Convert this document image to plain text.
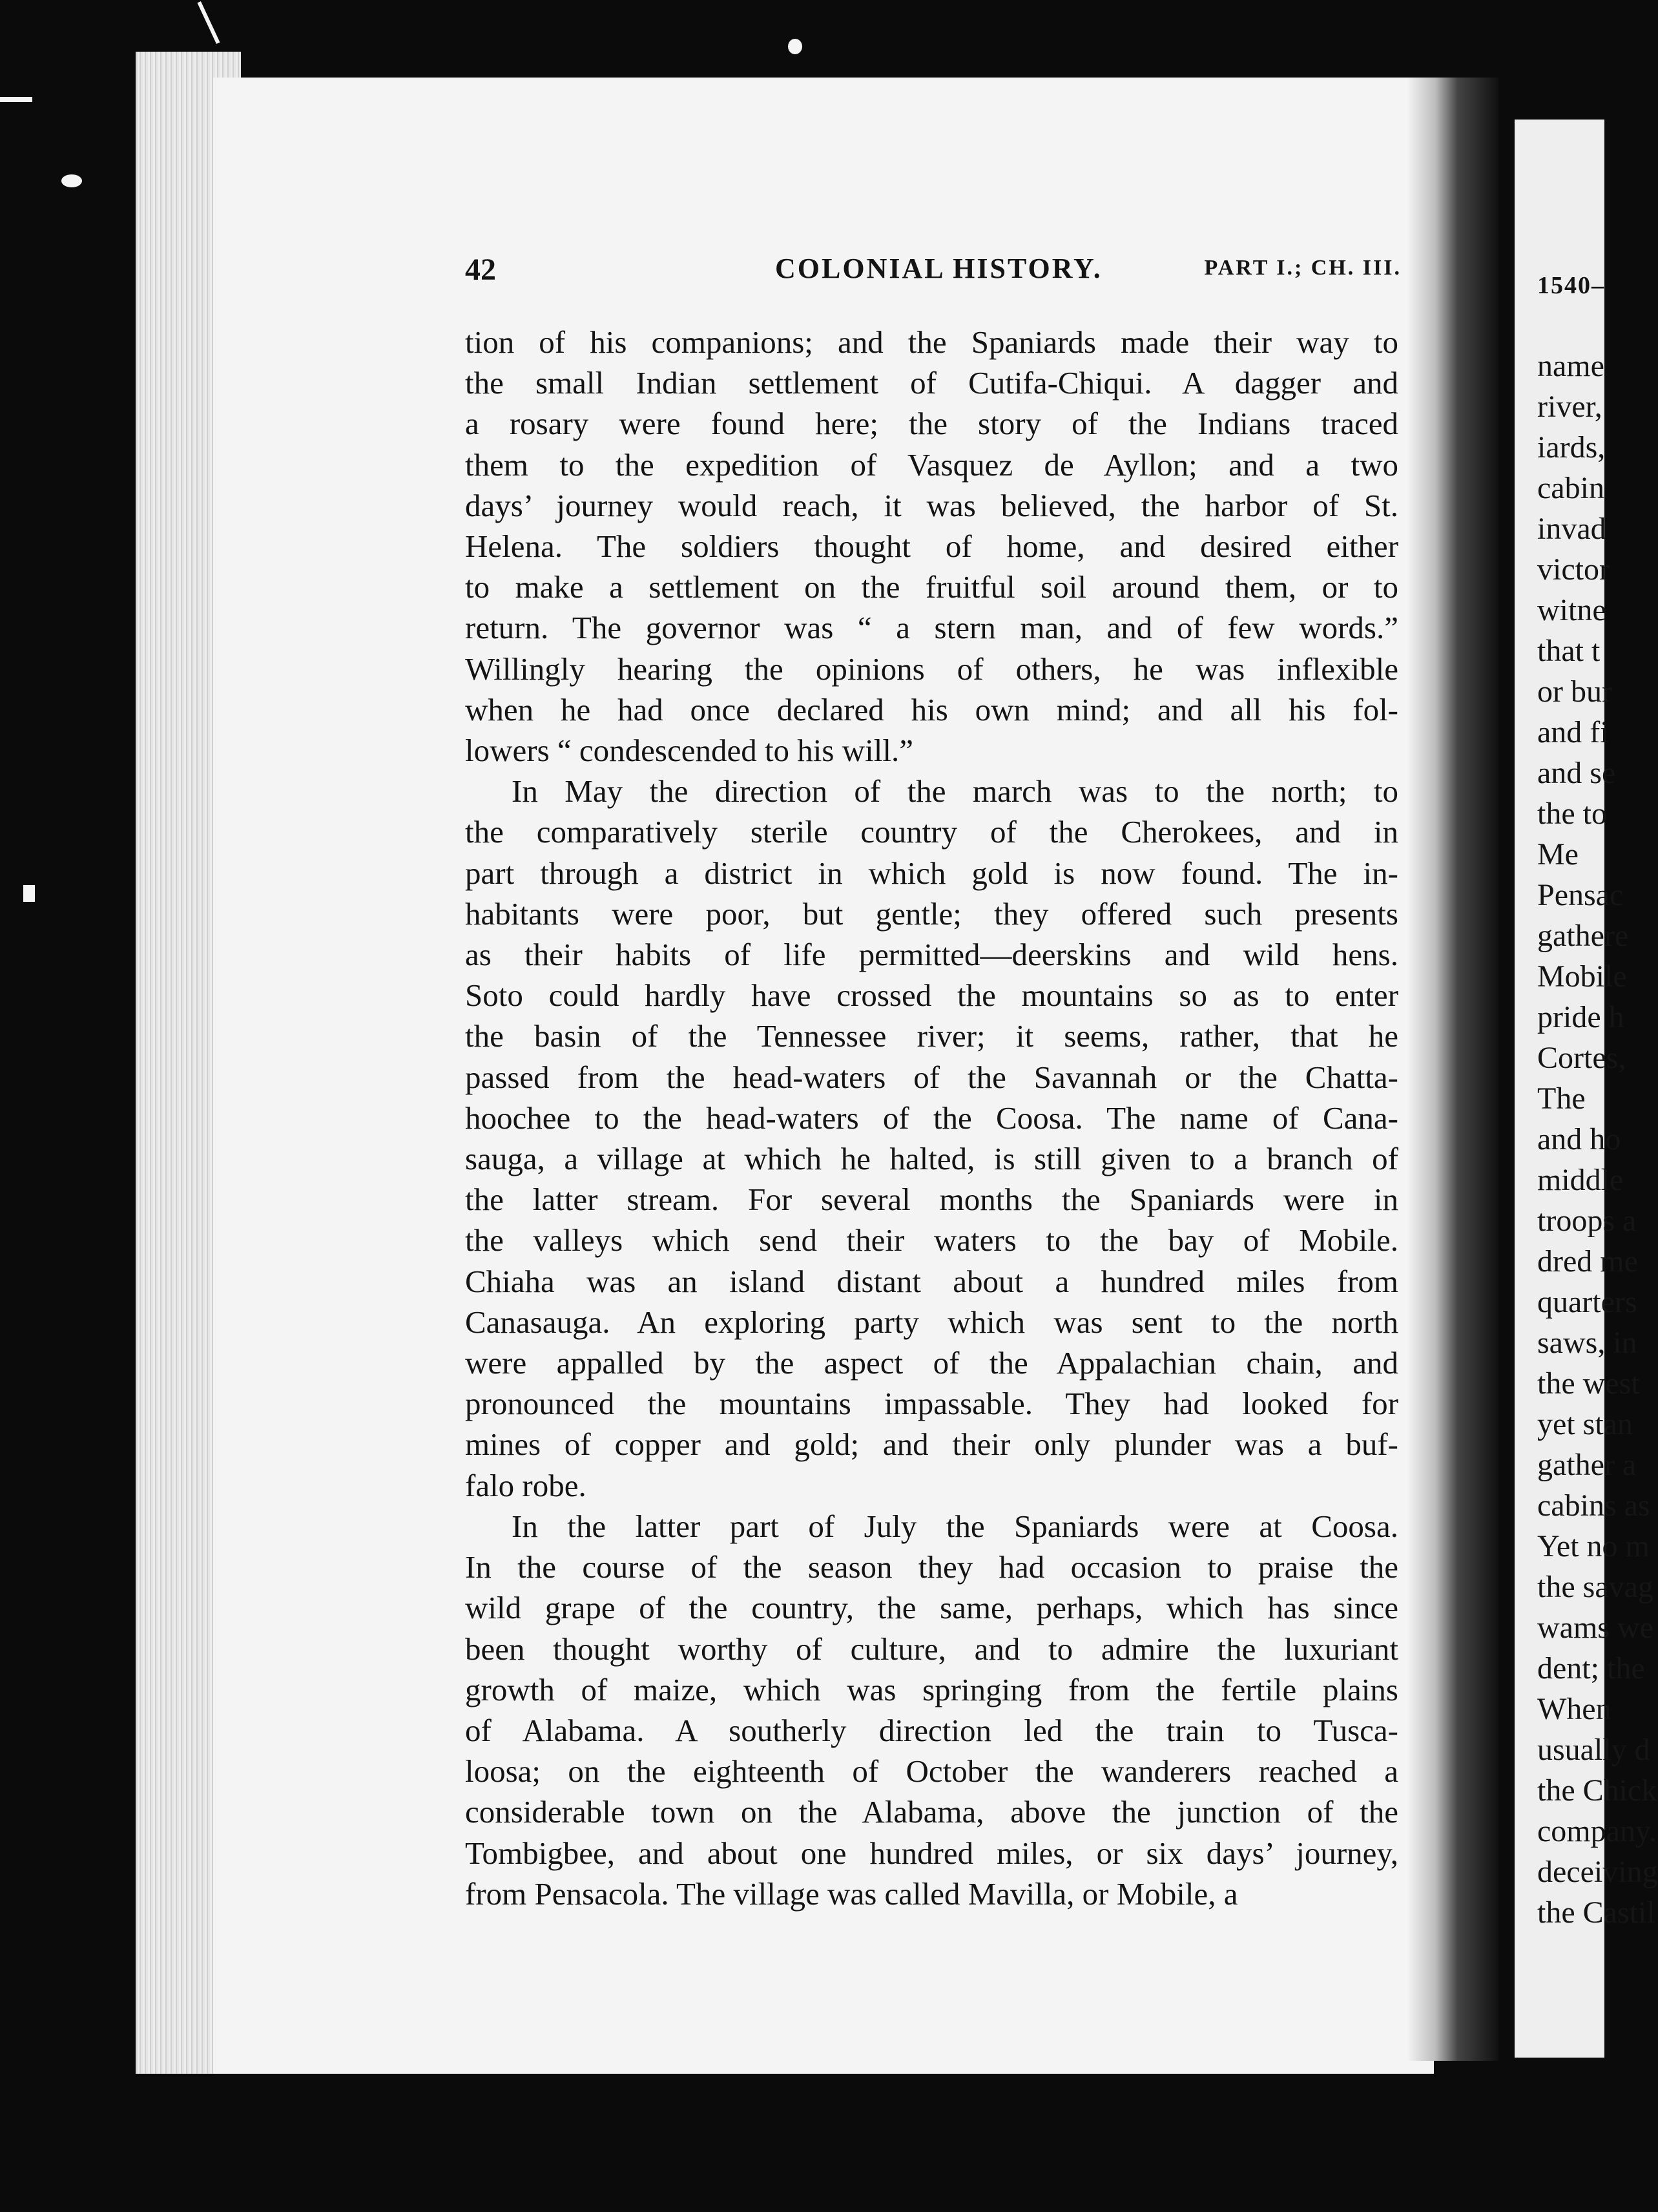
42	COLONIAL HISTORY.	PART I.; CH. III.

tion of his companions; and the Spaniards made their way to
the small Indian settlement of Cutifa-Chiqui. A dagger and
a rosary were found here; the story of the Indians traced
them to the expedition of Vasquez de Ayllon; and a two
days’ journey would reach, it was believed, the harbor of St.
Helena. The soldiers thought of home, and desired either
to make a settlement on the fruitful soil around them, or to
return. The governor was “ a stern man, and of few words.”
Willingly hearing the opinions of others, he was inflexible
when he had once declared his own mind; and all his fol-
lowers “ condescended to his will.”

In May the direction of the march was to the north; to
the comparatively sterile country of the Cherokees, and in
part through a district in which gold is now found. The in-
habitants were poor, but gentle; they offered such presents
as their habits of life permitted—deerskins and wild hens.
Soto could hardly have crossed the mountains so as to enter
the basin of the Tennessee river; it seems, rather, that he
passed from the head-waters of the Savannah or the Chatta-
hoochee to the head-waters of the Coosa. The name of Cana-
sauga, a village at which he halted, is still given to a branch of
the latter stream. For several months the Spaniards were in
the valleys which send their waters to the bay of Mobile.
Chiaha was an island distant about a hundred miles from
Canasauga. An exploring party which was sent to the north
were appalled by the aspect of the Appalachian chain, and
pronounced the mountains impassable. They had looked for
mines of copper and gold; and their only plunder was a buf-
falo robe.

In the latter part of July the Spaniards were at Coosa.
In the course of the season they had occasion to praise the
wild grape of the country, the same, perhaps, which has since
been thought worthy of culture, and to admire the luxuriant
growth of maize, which was springing from the fertile plains
of Alabama. A southerly direction led the train to Tusca-
loosa; on the eighteenth of October the wanderers reached a
considerable town on the Alabama, above the junction of the
Tombigbee, and about one hundred miles, or six days’ journey,
from Pensacola. The village was called Mavilla, or Mobile, a

1540–
name
river,
iards,
cabin
invad
victor
witne
that t
or bur
and fi
and se
the to
Me
Pensac
gathere
Mobile
pride h
Cortes,
The
and ho
middle
troops a
dred me
quarters
saws, in
the west
yet stan
gather a
cabins as
Yet no m
the savag
wams we
dent; the
When
usually d
the Chick
company.
deceiving
the Castil
